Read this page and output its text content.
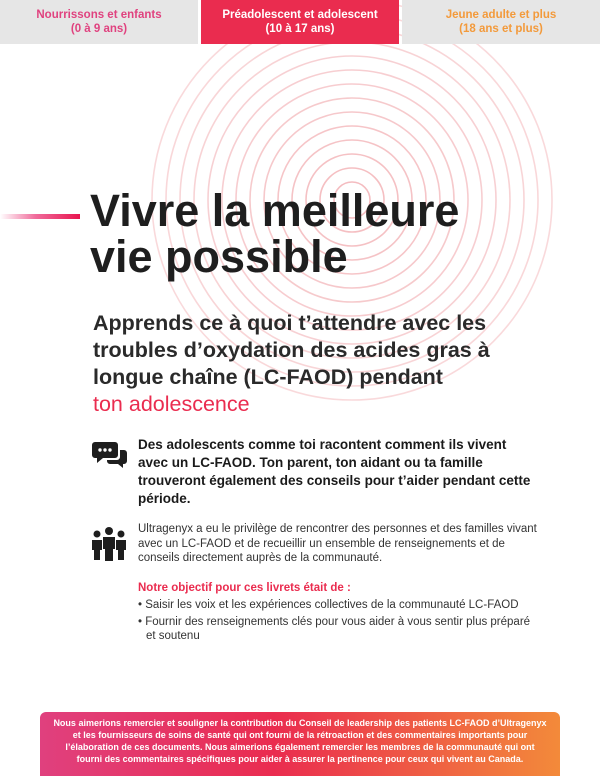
Nourrissons et enfants
(0 à 9 ans)
Préadolescent et adolescent
(10 à 17 ans)
Jeune adulte et plus
(18 ans et plus)
Vivre la meilleure vie possible

Apprends ce à quoi t’attendre avec les troubles d’oxydation des acides gras à longue chaîne (LC-FAOD) pendant
ton adolescence

Des adolescents comme toi racontent comment ils vivent avec un LC-FAOD. Ton parent, ton aidant ou ta famille trouveront également des conseils pour t’aider pendant cette période.

Ultragenyx a eu le privilège de rencontrer des personnes et des familles vivant avec un LC-FAOD et de recueillir un ensemble de renseignements et de conseils directement auprès de la communauté.

Notre objectif pour ces livrets était de :

• Saisir les voix et les expériences collectives de la communauté LC-FAOD
• Fournir des renseignements clés pour vous aider à vous sentir plus préparé et soutenu
Nous aimerions remercier et souligner la contribution du Conseil de leadership des patients LC-FAOD d’Ultragenyx et les fournisseurs de soins de santé qui ont fourni de la rétroaction et des commentaires importants pour l’élaboration de ces documents. Nous aimerions également remercier les membres de la communauté qui ont fourni des commentaires spécifiques pour aider à assurer la pertinence pour ceux qui vivent au Canada.
